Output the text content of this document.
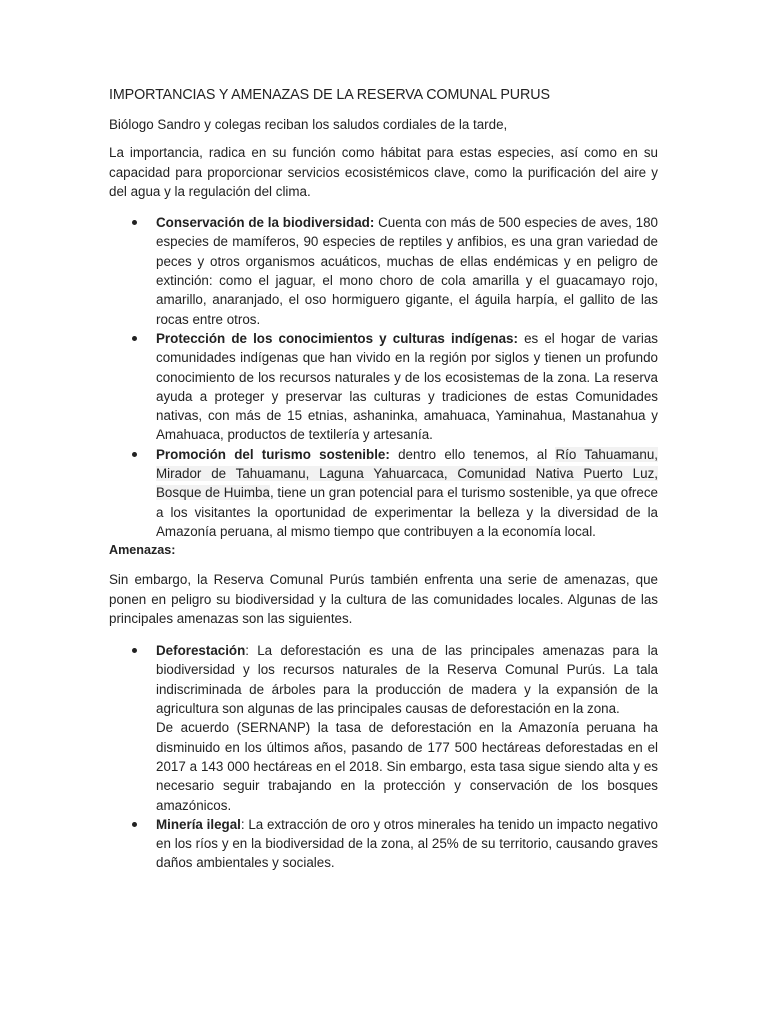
IMPORTANCIAS Y AMENAZAS DE LA RESERVA COMUNAL PURUS

Biólogo Sandro y colegas reciban los saludos cordiales de la tarde,

La importancia, radica en su función como hábitat para estas especies, así como en su capacidad para proporcionar servicios ecosistémicos clave, como la purificación del aire y del agua y la regulación del clima.

Conservación de la biodiversidad: Cuenta con más de 500 especies de aves, 180 especies de mamíferos, 90 especies de reptiles y anfibios, es una gran variedad de peces y otros organismos acuáticos, muchas de ellas endémicas y en peligro de extinción: como el jaguar, el mono choro de cola amarilla y el guacamayo rojo, amarillo, anaranjado, el oso hormiguero gigante, el águila harpía, el gallito de las rocas entre otros.
Protección de los conocimientos y culturas indígenas: es el hogar de varias comunidades indígenas que han vivido en la región por siglos y tienen un profundo conocimiento de los recursos naturales y de los ecosistemas de la zona. La reserva ayuda a proteger y preservar las culturas y tradiciones de estas Comunidades nativas, con más de 15 etnias, ashaninka, amahuaca, Yaminahua, Mastanahua y Amahuaca, productos de textilería y artesanía.
Promoción del turismo sostenible: dentro ello tenemos, al Río Tahuamanu, Mirador de Tahuamanu, Laguna Yahuarcaca, Comunidad Nativa Puerto Luz, Bosque de Huimba, tiene un gran potencial para el turismo sostenible, ya que ofrece a los visitantes la oportunidad de experimentar la belleza y la diversidad de la Amazonía peruana, al mismo tiempo que contribuyen a la economía local.
Amenazas:

Sin embargo, la Reserva Comunal Purús también enfrenta una serie de amenazas, que ponen en peligro su biodiversidad y la cultura de las comunidades locales. Algunas de las principales amenazas son las siguientes.

Deforestación: La deforestación es una de las principales amenazas para la biodiversidad y los recursos naturales de la Reserva Comunal Purús. La tala indiscriminada de árboles para la producción de madera y la expansión de la agricultura son algunas de las principales causas de deforestación en la zona.
De acuerdo (SERNANP) la tasa de deforestación en la Amazonía peruana ha disminuido en los últimos años, pasando de 177 500 hectáreas deforestadas en el 2017 a 143 000 hectáreas en el 2018. Sin embargo, esta tasa sigue siendo alta y es necesario seguir trabajando en la protección y conservación de los bosques amazónicos.
Minería ilegal: La extracción de oro y otros minerales ha tenido un impacto negativo en los ríos y en la biodiversidad de la zona, al 25% de su territorio, causando graves daños ambientales y sociales.
